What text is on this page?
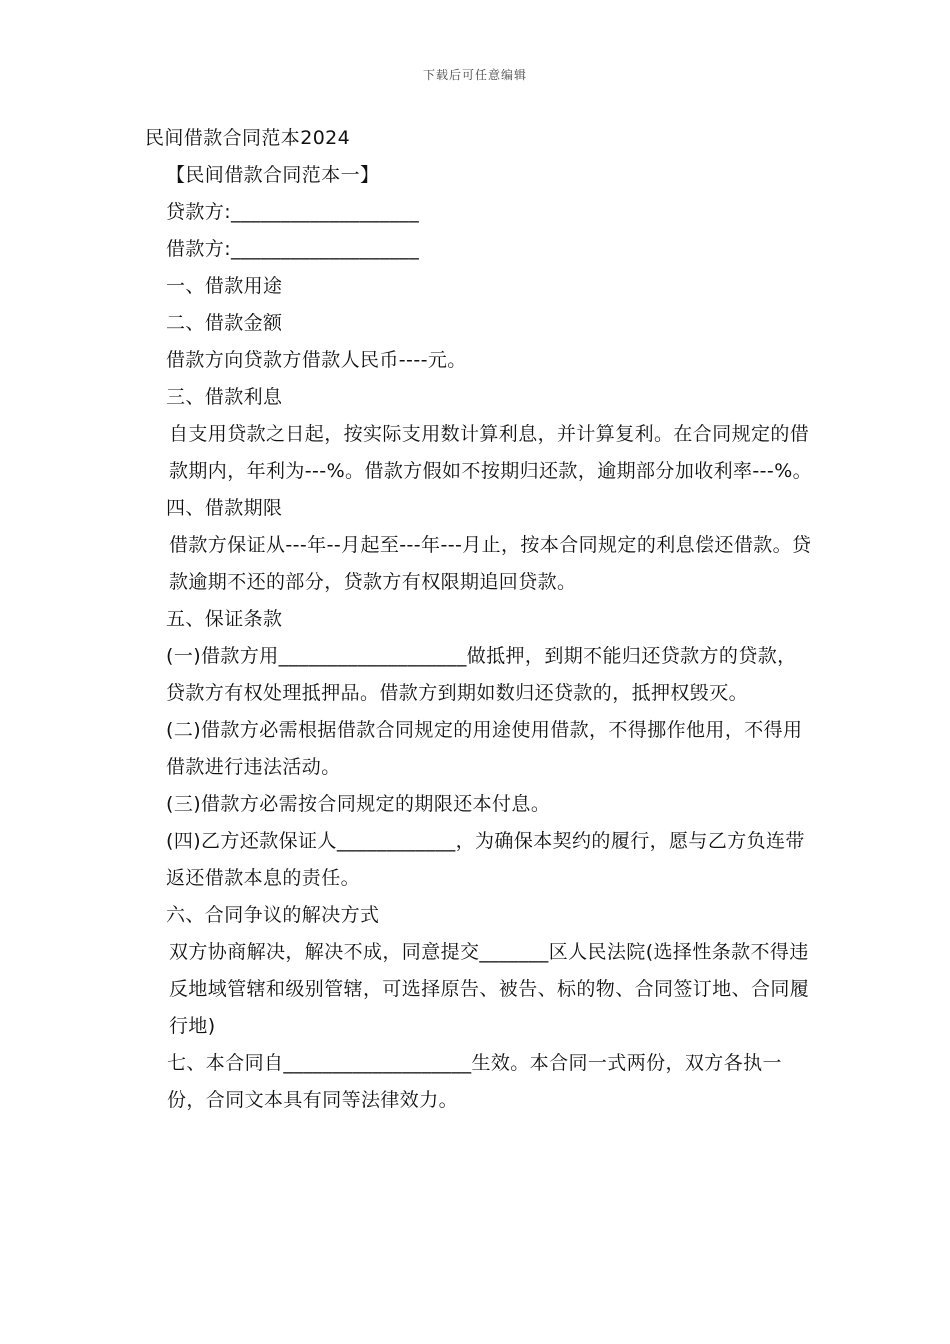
下载后可任意编辑

民间借款合同范本2024

【民间借款合同范本一】

贷款方:___________________

借款方:___________________

一、借款用途

二、借款金额

借款方向贷款方借款人民币----元。

三、借款利息

自支用贷款之日起，按实际支用数计算利息，并计算复利。在合同规定的借款期内，年利为---%。借款方假如不按期归还款，逾期部分加收利率---%。

四、借款期限

借款方保证从---年--月起至---年---月止，按本合同规定的利息偿还借款。贷款逾期不还的部分，贷款方有权限期追回贷款。

五、保证条款

(一)借款方用___________________做抵押，到期不能归还贷款方的贷款，贷款方有权处理抵押品。借款方到期如数归还贷款的，抵押权毁灭。

(二)借款方必需根据借款合同规定的用途使用借款，不得挪作他用，不得用借款进行违法活动。

(三)借款方必需按合同规定的期限还本付息。

(四)乙方还款保证人____________，为确保本契约的履行，愿与乙方负连带返还借款本息的责任。

六、合同争议的解决方式

双方协商解决，解决不成，同意提交_______区人民法院(选择性条款不得违反地域管辖和级别管辖，可选择原告、被告、标的物、合同签订地、合同履行地)

七、本合同自___________________生效。本合同一式两份，双方各执一份，合同文本具有同等法律效力。
